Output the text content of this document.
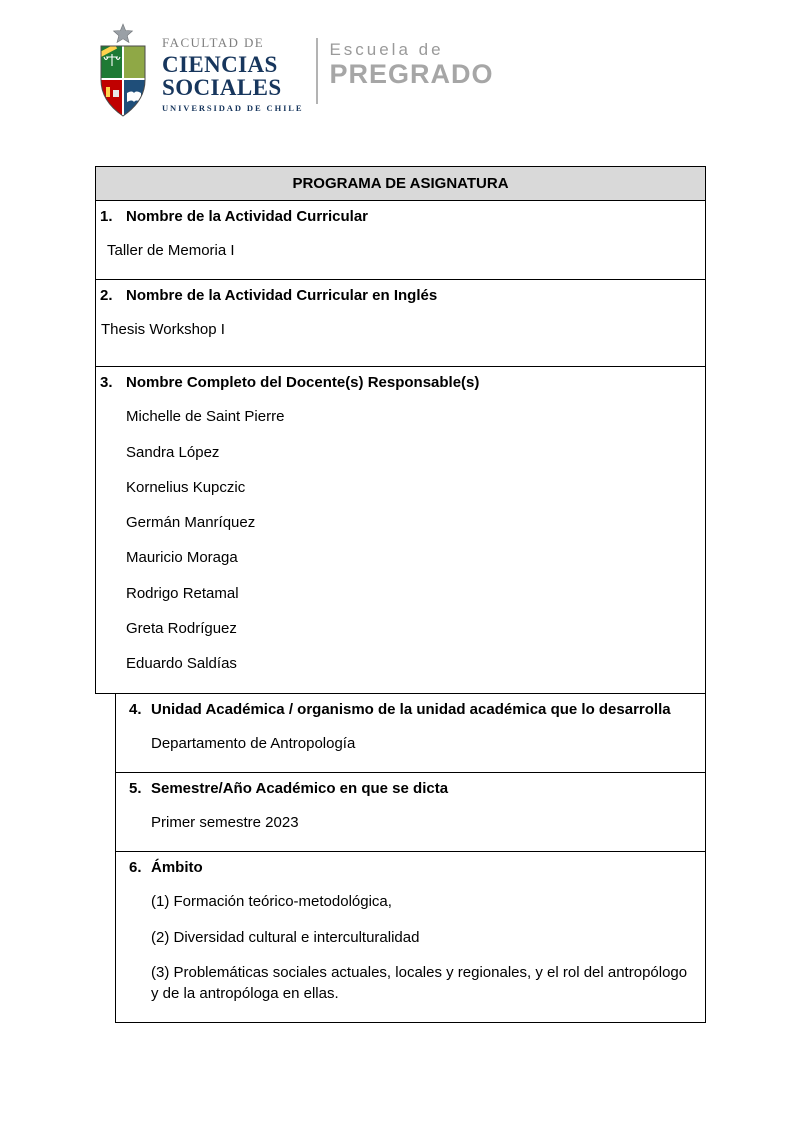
FACULTAD DE
CIENCIAS
SOCIALES
UNIVERSIDAD DE CHILE
Escuela de
PREGRADO
PROGRAMA DE ASIGNATURA
1. Nombre de la Actividad Curricular

Taller de Memoria I

2. Nombre de la Actividad Curricular en Inglés

Thesis Workshop I

3. Nombre Completo del Docente(s) Responsable(s)

Michelle de Saint Pierre

Sandra López

Kornelius Kupczic

Germán Manríquez

Mauricio Moraga

Rodrigo Retamal

Greta Rodríguez

Eduardo Saldías

4. Unidad Académica / organismo de la unidad académica que lo desarrolla

Departamento de Antropología

5. Semestre/Año Académico en que se dicta

Primer semestre 2023

6. Ámbito

(1) Formación teórico-metodológica,

(2) Diversidad cultural e interculturalidad

(3) Problemáticas sociales actuales, locales y regionales, y el rol del antropólogo y de la antropóloga en ellas.
